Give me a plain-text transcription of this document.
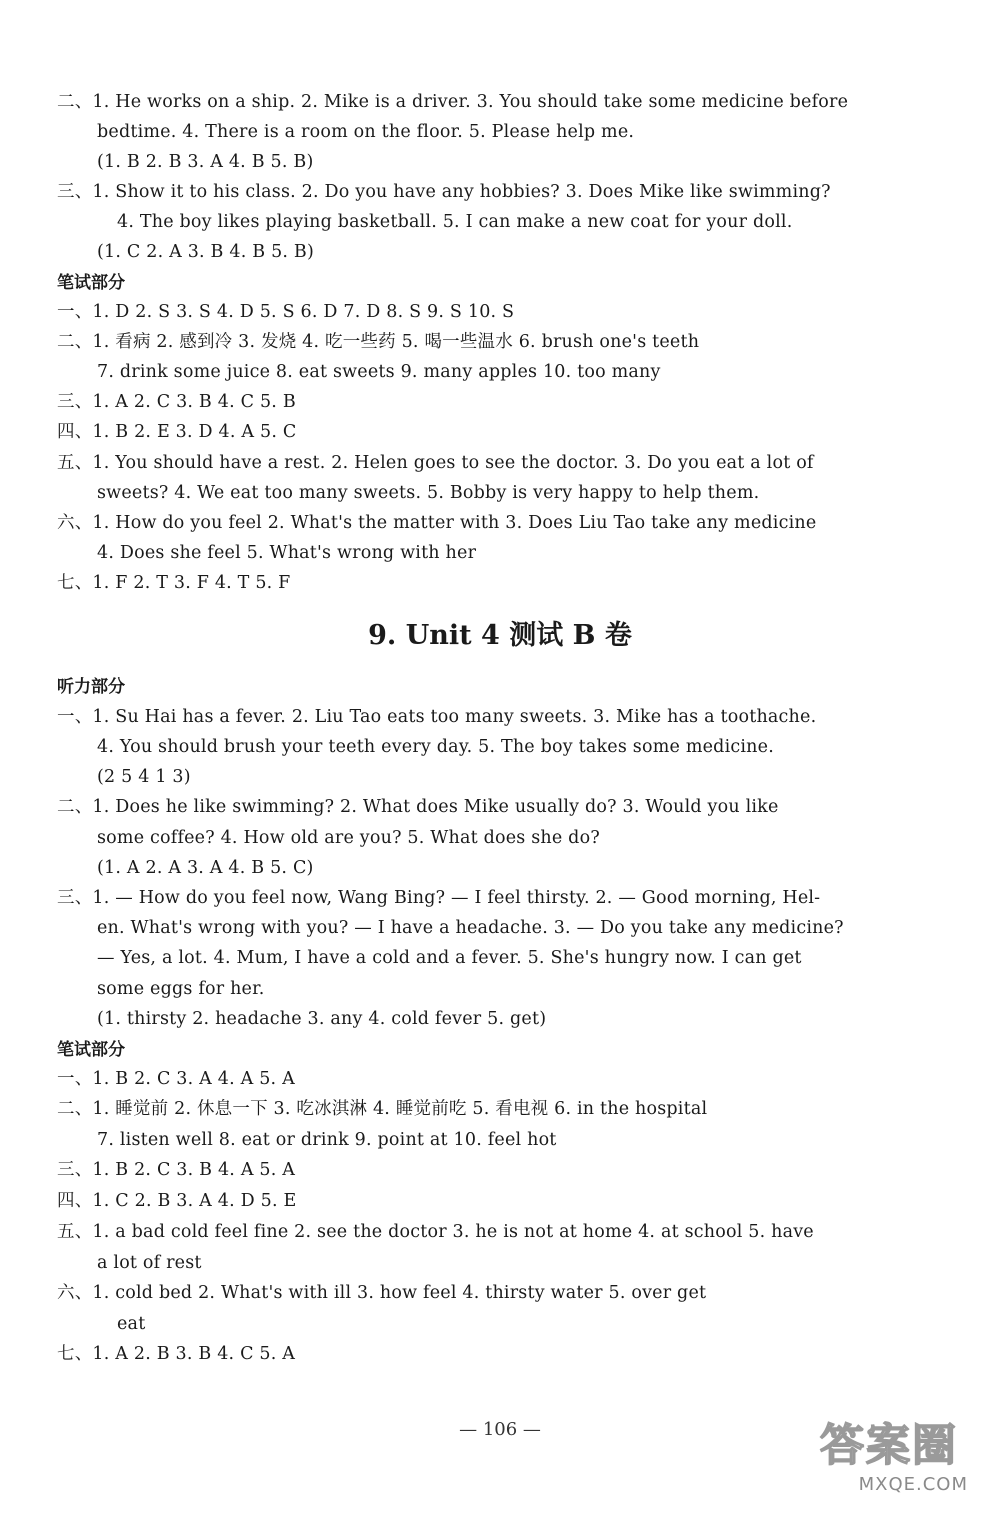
二、1. He works on a ship. 2. Mike is a driver. 3. You should take some medicine before
bedtime. 4. There is a room on the floor. 5. Please help me.
(1. B 2. B 3. A 4. B 5. B)
三、1. Show it to his class. 2. Do you have any hobbies? 3. Does Mike like swimming?
4. The boy likes playing basketball. 5. I can make a new coat for your doll.
(1. C 2. A 3. B 4. B 5. B)
笔试部分
一、1. D 2. S 3. S 4. D 5. S 6. D 7. D 8. S 9. S 10. S
二、1. 看病 2. 感到冷 3. 发烧 4. 吃一些药 5. 喝一些温水 6. brush one's teeth
7. drink some juice 8. eat sweets 9. many apples 10. too many
三、1. A 2. C 3. B 4. C 5. B
四、1. B 2. E 3. D 4. A 5. C
五、1. You should have a rest. 2. Helen goes to see the doctor. 3. Do you eat a lot of
sweets? 4. We eat too many sweets. 5. Bobby is very happy to help them.
六、1. How do you feel 2. What's the matter with 3. Does Liu Tao take any medicine
4. Does she feel 5. What's wrong with her
七、1. F 2. T 3. F 4. T 5. F
9. Unit 4 测试 B 卷
听力部分
一、1. Su Hai has a fever. 2. Liu Tao eats too many sweets. 3. Mike has a toothache.
4. You should brush your teeth every day. 5. The boy takes some medicine.
(2 5 4 1 3)
二、1. Does he like swimming? 2. What does Mike usually do? 3. Would you like
some coffee? 4. How old are you? 5. What does she do?
(1. A 2. A 3. A 4. B 5. C)
三、1. — How do you feel now, Wang Bing? — I feel thirsty. 2. — Good morning, Hel-
en. What's wrong with you? — I have a headache. 3. — Do you take any medicine?
— Yes, a lot. 4. Mum, I have a cold and a fever. 5. She's hungry now. I can get
some eggs for her.
(1. thirsty 2. headache 3. any 4. cold fever 5. get)
笔试部分
一、1. B 2. C 3. A 4. A 5. A
二、1. 睡觉前 2. 休息一下 3. 吃冰淇淋 4. 睡觉前吃 5. 看电视 6. in the hospital
7. listen well 8. eat or drink 9. point at 10. feel hot
三、1. B 2. C 3. B 4. A 5. A
四、1. C 2. B 3. A 4. D 5. E
五、1. a bad cold feel fine 2. see the doctor 3. he is not at home 4. at school 5. have
a lot of rest
六、1. cold bed 2. What's with ill 3. how feel 4. thirsty water 5. over get
eat
七、1. A 2. B 3. B 4. C 5. A
— 106 —	答案圈
MXQE.COM
